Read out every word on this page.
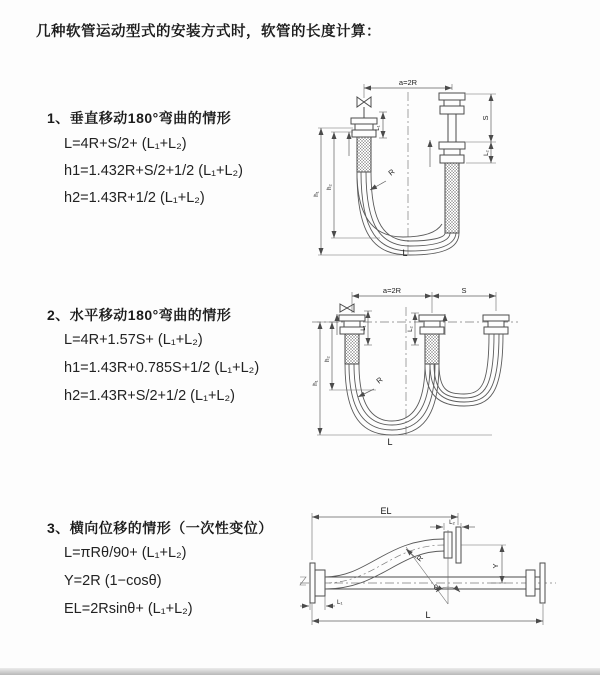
几种软管运动型式的安装方式时，软管的长度计算：
1、垂直移动180°弯曲的情形
L=4R+S/2+ (L₁+L₂)
h1=1.432R+S/2+1/2 (L₁+L₂)
h2=1.43R+1/2 (L₁+L₂)
a=2R
L₁
R
L
h₁
h₂
S
L₂
2、水平移动180°弯曲的情形
L=4R+1.57S+ (L₁+L₂)
h1=1.43R+0.785S+1/2 (L₁+L₂)
h2=1.43R+S/2+1/2 (L₁+L₂)
a=2R	S
L₁	L₂
R
L
h₁
h₂
3、横向位移的情形（一次性变位）
L=πRθ/90+ (L₁+L₂)
Y=2R (1−cosθ)
EL=2Rsinθ+ (L₁+L₂)
EL
L₂
θ
R
Y
L₁
L
